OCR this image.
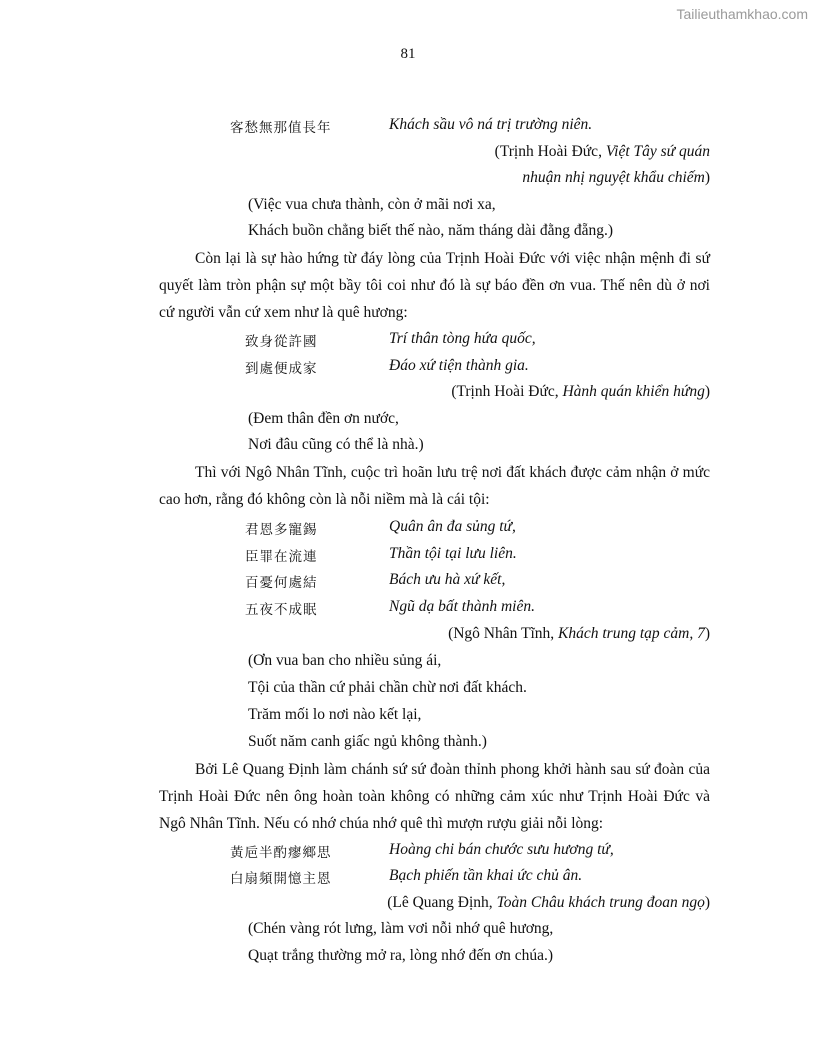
Tailieuthamkhao.com
81
客愁無那值長年	Khách sầu vô ná trị trường niên.
(Trịnh Hoài Đức, Việt Tây sứ quán
nhuận nhị nguyệt khẩu chiếm)
(Việc vua chưa thành, còn ở mãi nơi xa,
Khách buồn chẳng biết thế nào, năm tháng dài đằng đẵng.)
Còn lại là sự hào hứng từ đáy lòng của Trịnh Hoài Đức với việc nhận mệnh đi sứ quyết làm tròn phận sự một bầy tôi coi như đó là sự báo đền ơn vua. Thế nên dù ở nơi cứ người vẫn cứ xem như là quê hương:
致身從許國	Trí thân tòng hứa quốc,
到處便成家	Đáo xứ tiện thành gia.
(Trịnh Hoài Đức, Hành quán khiển hứng)
(Đem thân đền ơn nước,
Nơi đâu cũng có thể là nhà.)
Thì với Ngô Nhân Tĩnh, cuộc trì hoãn lưu trệ nơi đất khách được cảm nhận ở mức cao hơn, rằng đó không còn là nỗi niềm mà là cái tội:
君恩多寵錫	Quân ân đa sủng tứ,
臣罪在流連	Thần tội tại lưu liên.
百憂何處結	Bách ưu hà xứ kết,
五夜不成眠	Ngũ dạ bất thành miên.
(Ngô Nhân Tĩnh, Khách trung tạp cảm, 7)
(Ơn vua ban cho nhiều sủng ái,
Tội của thần cứ phải chần chừ nơi đất khách.
Trăm mối lo nơi nào kết lại,
Suốt năm canh giấc ngủ không thành.)
Bởi Lê Quang Định làm chánh sứ sứ đoàn thỉnh phong khởi hành sau sứ đoàn của Trịnh Hoài Đức nên ông hoàn toàn không có những cảm xúc như Trịnh Hoài Đức và Ngô Nhân Tĩnh. Nếu có nhớ chúa nhớ quê thì mượn rượu giải nỗi lòng:
黃巵半酌瘳鄉思	Hoàng chi bán chước sưu hương tứ,
白扇頻開憶主恩	Bạch phiến tần khai ức chủ ân.
(Lê Quang Định, Toàn Châu khách trung đoan ngọ)
(Chén vàng rót lưng, làm vơi nỗi nhớ quê hương,
Quạt trắng thường mở ra, lòng nhớ đến ơn chúa.)
